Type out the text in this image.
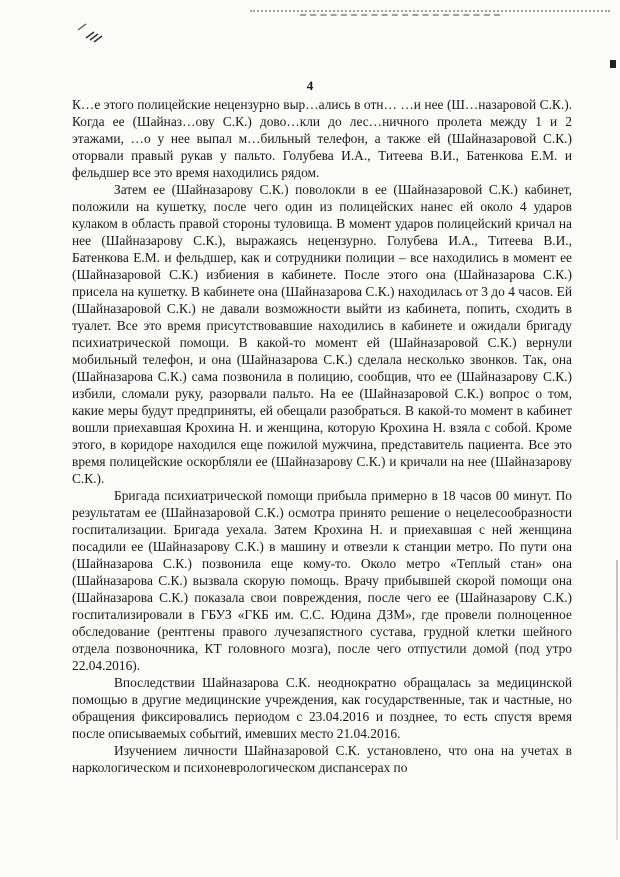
4

К…е этого полицейские нецензурно выр…ались в отн… …и нее (Ш…назаровой С.К.). Когда ее (Шайназ…ову С.К.) дово…кли до лес…ничного пролета между 1 и 2 этажами, …о у нее выпал м…бильный телефон, а также ей (Шайназаровой С.К.) оторвали правый рукав у пальто. Голубева И.А., Титеева В.И., Батенкова Е.М. и фельдшер все это время находились рядом.

Затем ее (Шайназарову С.К.) поволокли в ее (Шайназаровой С.К.) кабинет, положили на кушетку, после чего один из полицейских нанес ей около 4 ударов кулаком в область правой стороны туловища. В момент ударов полицейский кричал на нее (Шайназарову С.К.), выражаясь нецензурно. Голубева И.А., Титеева В.И., Батенкова Е.М. и фельдшер, как и сотрудники полиции – все находились в момент ее (Шайназаровой С.К.) избиения в кабинете. После этого она (Шайназарова С.К.) присела на кушетку. В кабинете она (Шайназарова С.К.) находилась от 3 до 4 часов. Ей (Шайназаровой С.К.) не давали возможности выйти из кабинета, попить, сходить в туалет. Все это время присутствовавшие находились в кабинете и ожидали бригаду психиатрической помощи. В какой-то момент ей (Шайназаровой С.К.) вернули мобильный телефон, и она (Шайназарова С.К.) сделала несколько звонков. Так, она (Шайназарова С.К.) сама позвонила в полицию, сообщив, что ее (Шайназарову С.К.) избили, сломали руку, разорвали пальто. На ее (Шайназаровой С.К.) вопрос о том, какие меры будут предприняты, ей обещали разобраться. В какой-то момент в кабинет вошли приехавшая Крохина Н. и женщина, которую Крохина Н. взяла с собой. Кроме этого, в коридоре находился еще пожилой мужчина, представитель пациента. Все это время полицейские оскорбляли ее (Шайназарову С.К.) и кричали на нее (Шайназарову С.К.).

Бригада психиатрической помощи прибыла примерно в 18 часов 00 минут. По результатам ее (Шайназаровой С.К.) осмотра принято решение о нецелесообразности госпитализации. Бригада уехала. Затем Крохина Н. и приехавшая с ней женщина посадили ее (Шайназарову С.К.) в машину и отвезли к станции метро. По пути она (Шайназарова С.К.) позвонила еще кому-то. Около метро «Теплый стан» она (Шайназарова С.К.) вызвала скорую помощь. Врачу прибывшей скорой помощи она (Шайназарова С.К.) показала свои повреждения, после чего ее (Шайназарову С.К.) госпитализировали в ГБУЗ «ГКБ им. С.С. Юдина ДЗМ», где провели полноценное обследование (рентгены правого лучезапястного сустава, грудной клетки шейного отдела позвоночника, КТ головного мозга), после чего отпустили домой (под утро 22.04.2016).

Впоследствии Шайназарова С.К. неоднократно обращалась за медицинской помощью в другие медицинские учреждения, как государственные, так и частные, но обращения фиксировались периодом с 23.04.2016 и позднее, то есть спустя время после описываемых событий, имевших место 21.04.2016.

Изучением личности Шайназаровой С.К. установлено, что она на учетах в наркологическом и психоневрологическом диспансерах по
